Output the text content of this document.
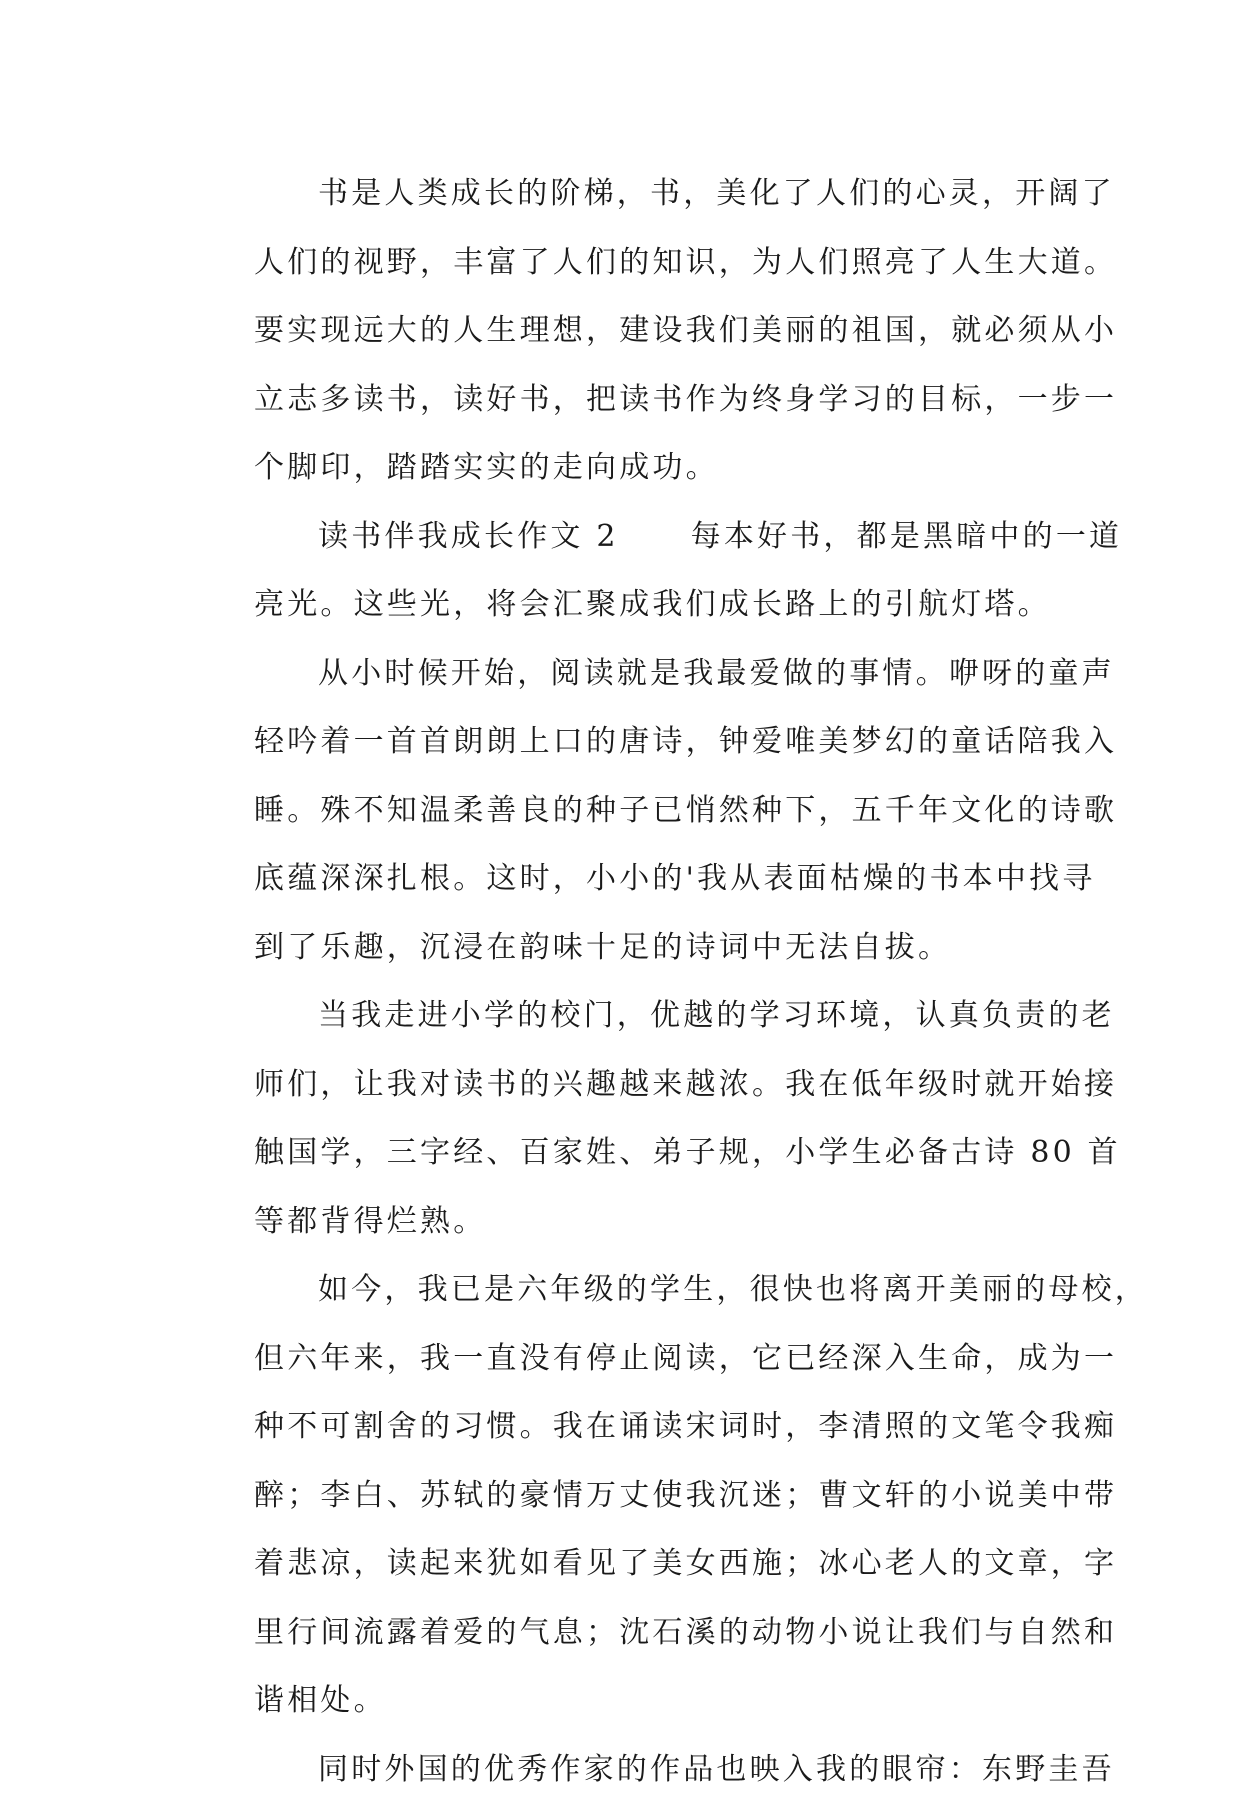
书是人类成长的阶梯，书，美化了人们的心灵，开阔了
人们的视野，丰富了人们的知识，为人们照亮了人生大道。
要实现远大的人生理想，建设我们美丽的祖国，就必须从小
立志多读书，读好书，把读书作为终身学习的目标，一步一
个脚印，踏踏实实的走向成功。
读书伴我成长作文 2 每本好书，都是黑暗中的一道
亮光。这些光，将会汇聚成我们成长路上的引航灯塔。
从小时候开始，阅读就是我最爱做的事情。咿呀的童声
轻吟着一首首朗朗上口的唐诗，钟爱唯美梦幻的童话陪我入
睡。殊不知温柔善良的种子已悄然种下，五千年文化的诗歌
底蕴深深扎根。这时，小小的'我从表面枯燥的书本中找寻
到了乐趣，沉浸在韵味十足的诗词中无法自拔。
当我走进小学的校门，优越的学习环境，认真负责的老
师们，让我对读书的兴趣越来越浓。我在低年级时就开始接
触国学，三字经、百家姓、弟子规，小学生必备古诗 80 首
等都背得烂熟。
如今，我已是六年级的学生，很快也将离开美丽的母校，
但六年来，我一直没有停止阅读，它已经深入生命，成为一
种不可割舍的习惯。我在诵读宋词时，李清照的文笔令我痴
醉；李白、苏轼的豪情万丈使我沉迷；曹文轩的小说美中带
着悲凉，读起来犹如看见了美女西施；冰心老人的文章，字
里行间流露着爱的气息；沈石溪的动物小说让我们与自然和
谐相处。
同时外国的优秀作家的作品也映入我的眼帘：东野圭吾
